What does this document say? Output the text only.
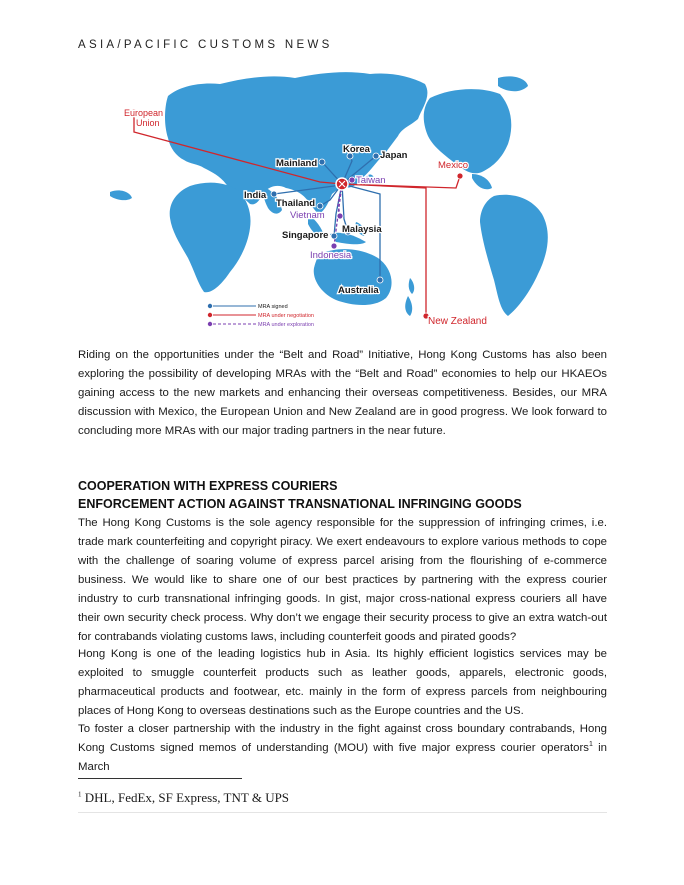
ASIA/PACIFIC CUSTOMS NEWS
European
Union
Mainland
Korea
Japan
Taiwan
Mexico
India
Thailand
Vietnam
Singapore
Malaysia
Indonesia
Australia
New Zealand
MRA signed
MRA under negotiation
MRA under exploration

Riding on the opportunities under the “Belt and Road” Initiative, Hong Kong Customs has also been exploring the possibility of developing MRAs with the “Belt and Road” economies to help our HKAEOs gaining access to the new markets and enhancing their overseas competitiveness. Besides, our MRA discussion with Mexico, the European Union and New Zealand are in good progress. We look forward to concluding more MRAs with our major trading partners in the near future.

COOPERATION WITH EXPRESS COURIERS

ENFORCEMENT ACTION AGAINST TRANSNATIONAL INFRINGING GOODS

The Hong Kong Customs is the sole agency responsible for the suppression of infringing crimes, i.e. trade mark counterfeiting and copyright piracy. We exert endeavours to explore various methods to cope with the challenge of soaring volume of express parcel arising from the flourishing of e-commerce business. We would like to share one of our best practices by partnering with the express courier industry to curb transnational infringing goods. In gist, major cross-national express couriers all have their own security check process. Why don’t we engage their security process to give an extra watch-out for contrabands violating customs laws, including counterfeit goods and pirated goods?

Hong Kong is one of the leading logistics hub in Asia. Its highly efficient logistics services may be exploited to smuggle counterfeit products such as leather goods, apparels, electronic goods, pharmaceutical products and footwear, etc. mainly in the form of express parcels from neighbouring places of Hong Kong to overseas destinations such as the Europe countries and the US.

To foster a closer partnership with the industry in the fight against cross boundary contrabands, Hong Kong Customs signed memos of understanding (MOU) with five major express courier operators$^1$ in March

$^1$ DHL, FedEx, SF Express, TNT & UPS
